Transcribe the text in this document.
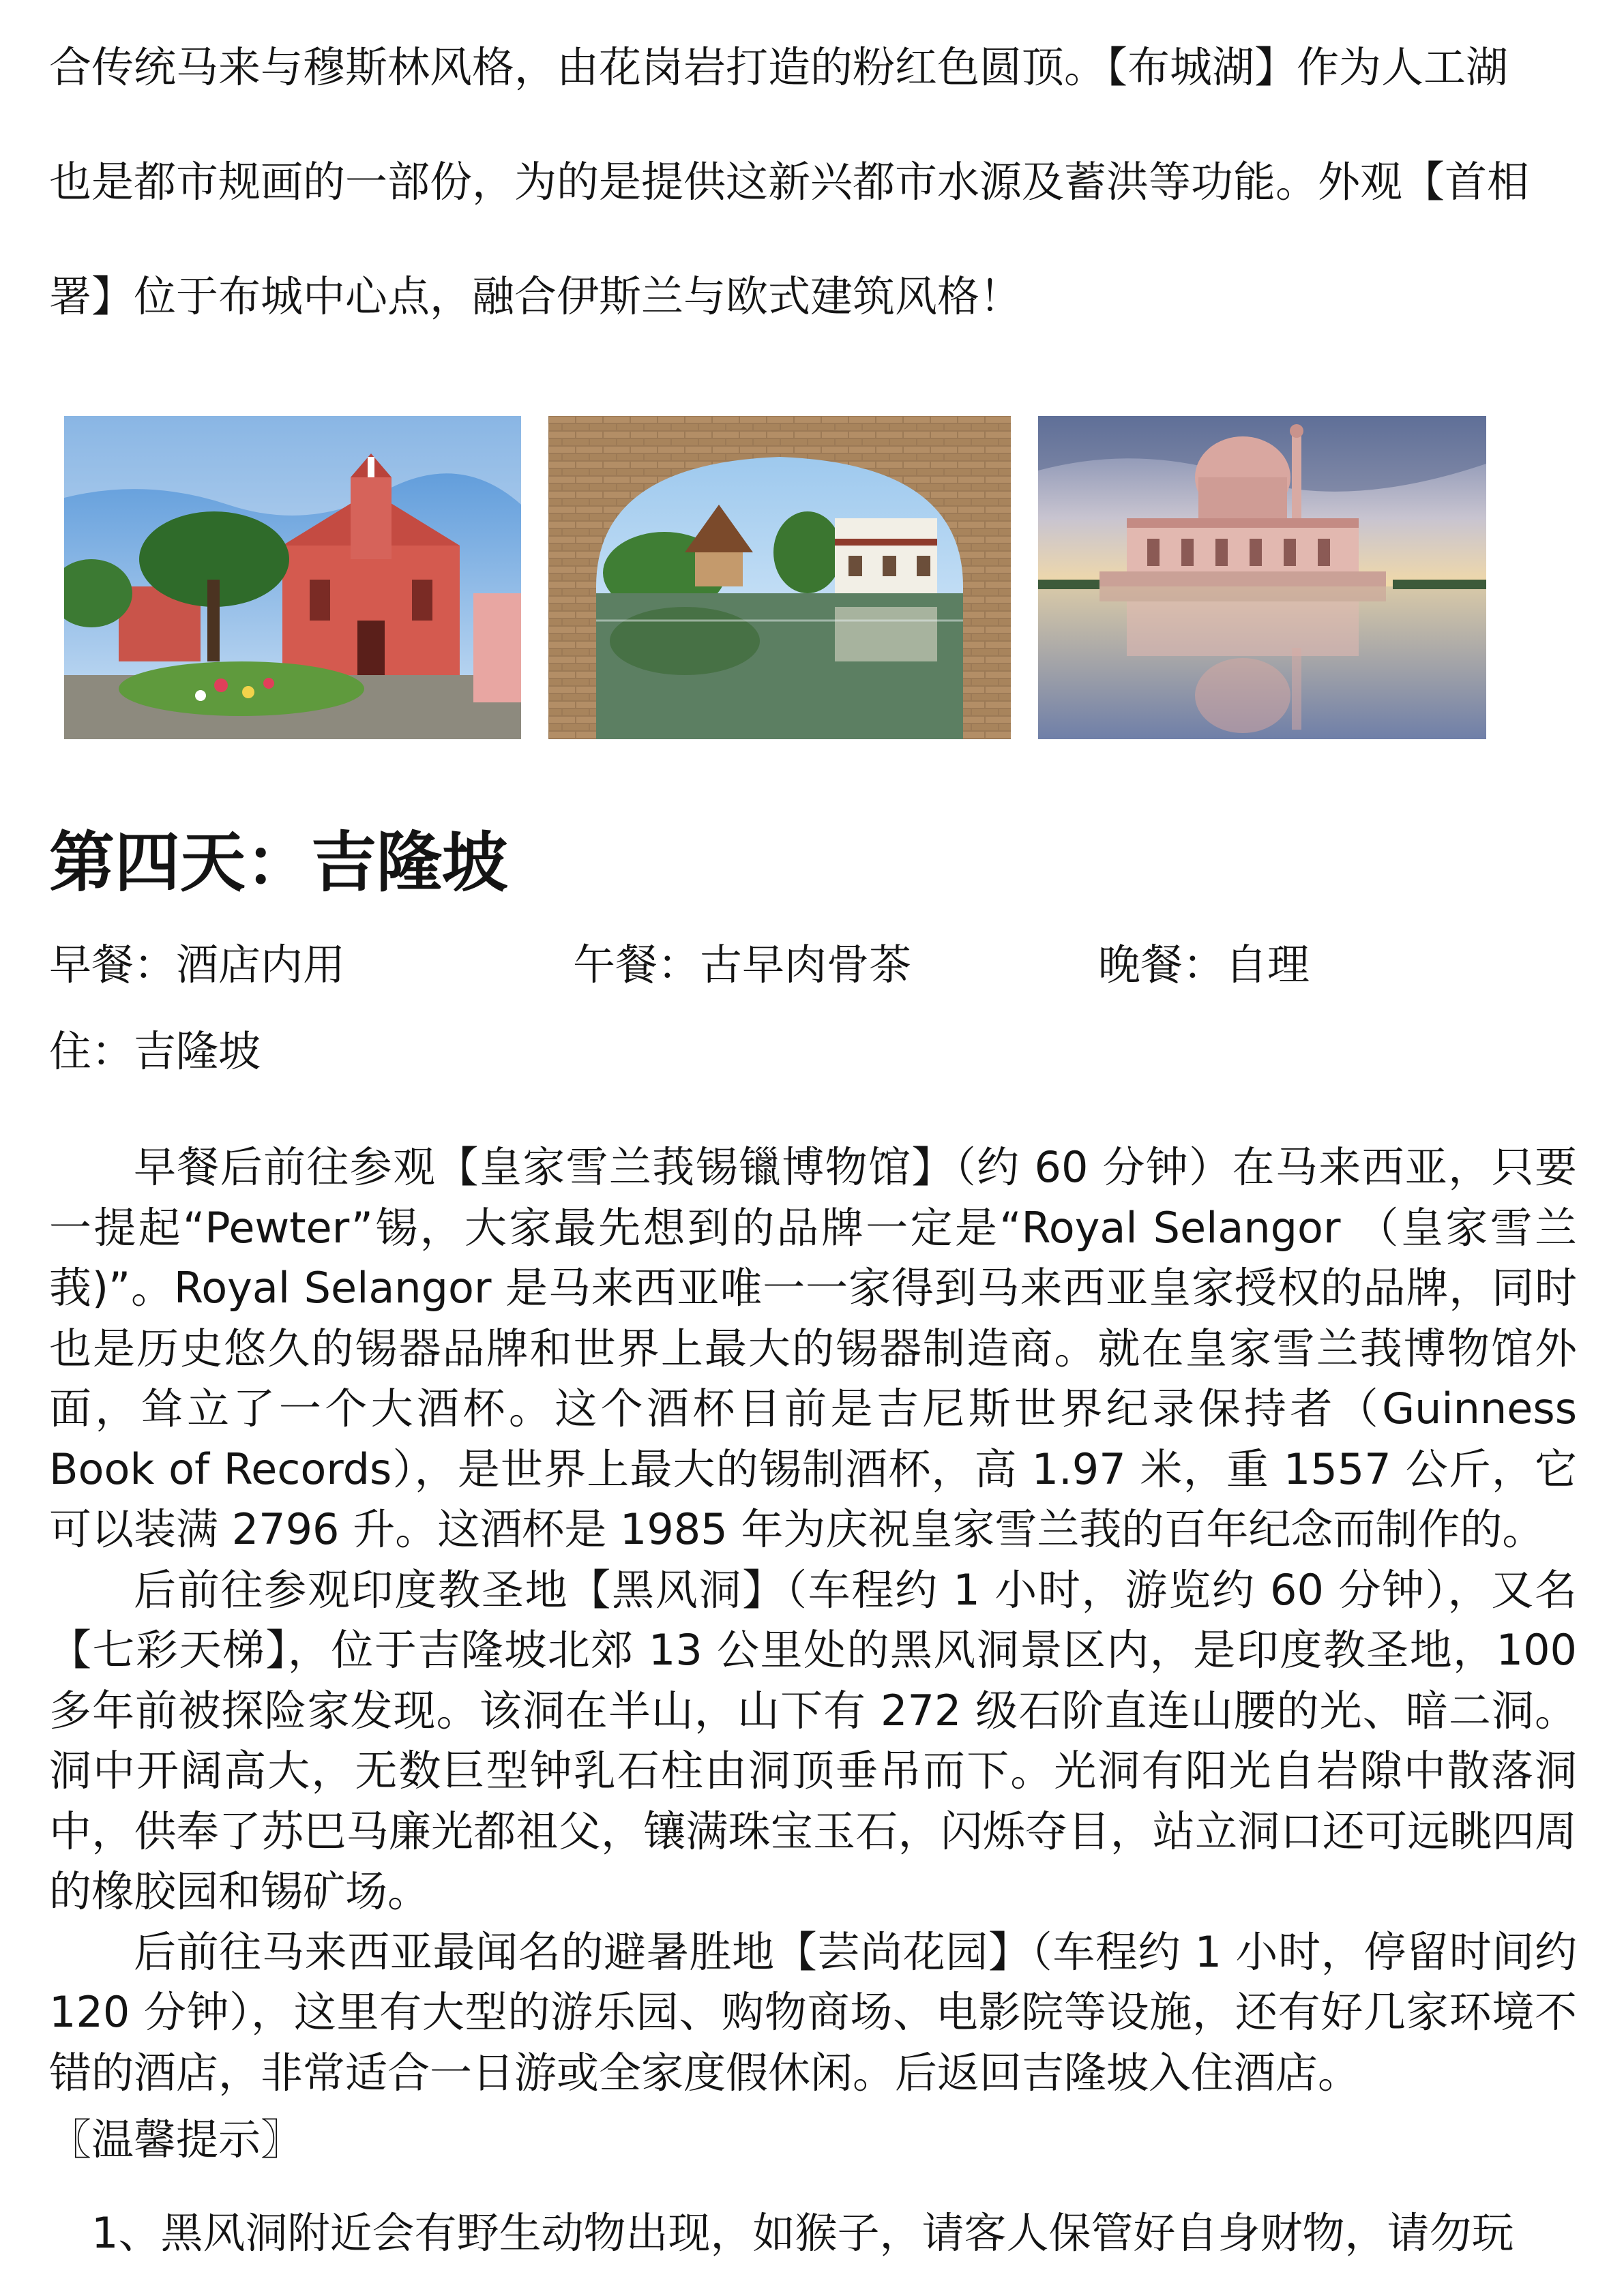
合传统马来与穆斯林风格，由花岗岩打造的粉红色圆顶。【布城湖】作为人工湖
也是都市规画的一部份，为的是提供这新兴都市水源及蓄洪等功能。外观【首相
署】位于布城中心点，融合伊斯兰与欧式建筑风格！
第四天：吉隆坡
早餐：酒店内用	午餐：古早肉骨茶	晚餐：自理
住：吉隆坡

早餐后前往参观【皇家雪兰莪锡镴博物馆】（约 60 分钟）在马来西亚，只要一提起“Pewter”锡，大家最先想到的品牌一定是“Royal Selangor （皇家雪兰莪)”。Royal Selangor 是马来西亚唯一一家得到马来西亚皇家授权的品牌，同时也是历史悠久的锡器品牌和世界上最大的锡器制造商。就在皇家雪兰莪博物馆外面，耸立了一个大酒杯。这个酒杯目前是吉尼斯世界纪录保持者（Guinness Book of Records），是世界上最大的锡制酒杯，高 1.97 米，重 1557 公斤，它可以装满 2796 升。这酒杯是 1985 年为庆祝皇家雪兰莪的百年纪念而制作的。

后前往参观印度教圣地【黑风洞】（车程约 1 小时，游览约 60 分钟），又名【七彩天梯】，位于吉隆坡北郊 13 公里处的黑风洞景区内，是印度教圣地，100 多年前被探险家发现。该洞在半山，山下有 272 级石阶直连山腰的光、暗二洞。洞中开阔高大，无数巨型钟乳石柱由洞顶垂吊而下。光洞有阳光自岩隙中散落洞中，供奉了苏巴马廉光都祖父，镶满珠宝玉石，闪烁夺目，站立洞口还可远眺四周的橡胶园和锡矿场。

后前往马来西亚最闻名的避暑胜地【芸尚花园】（车程约 1 小时，停留时间约 120 分钟），这里有大型的游乐园、购物商场、电影院等设施，还有好几家环境不错的酒店，非常适合一日游或全家度假休闲。后返回吉隆坡入住酒店。

〖温馨提示〗
1、黑风洞附近会有野生动物出现，如猴子，请客人保管好自身财物，请勿玩
